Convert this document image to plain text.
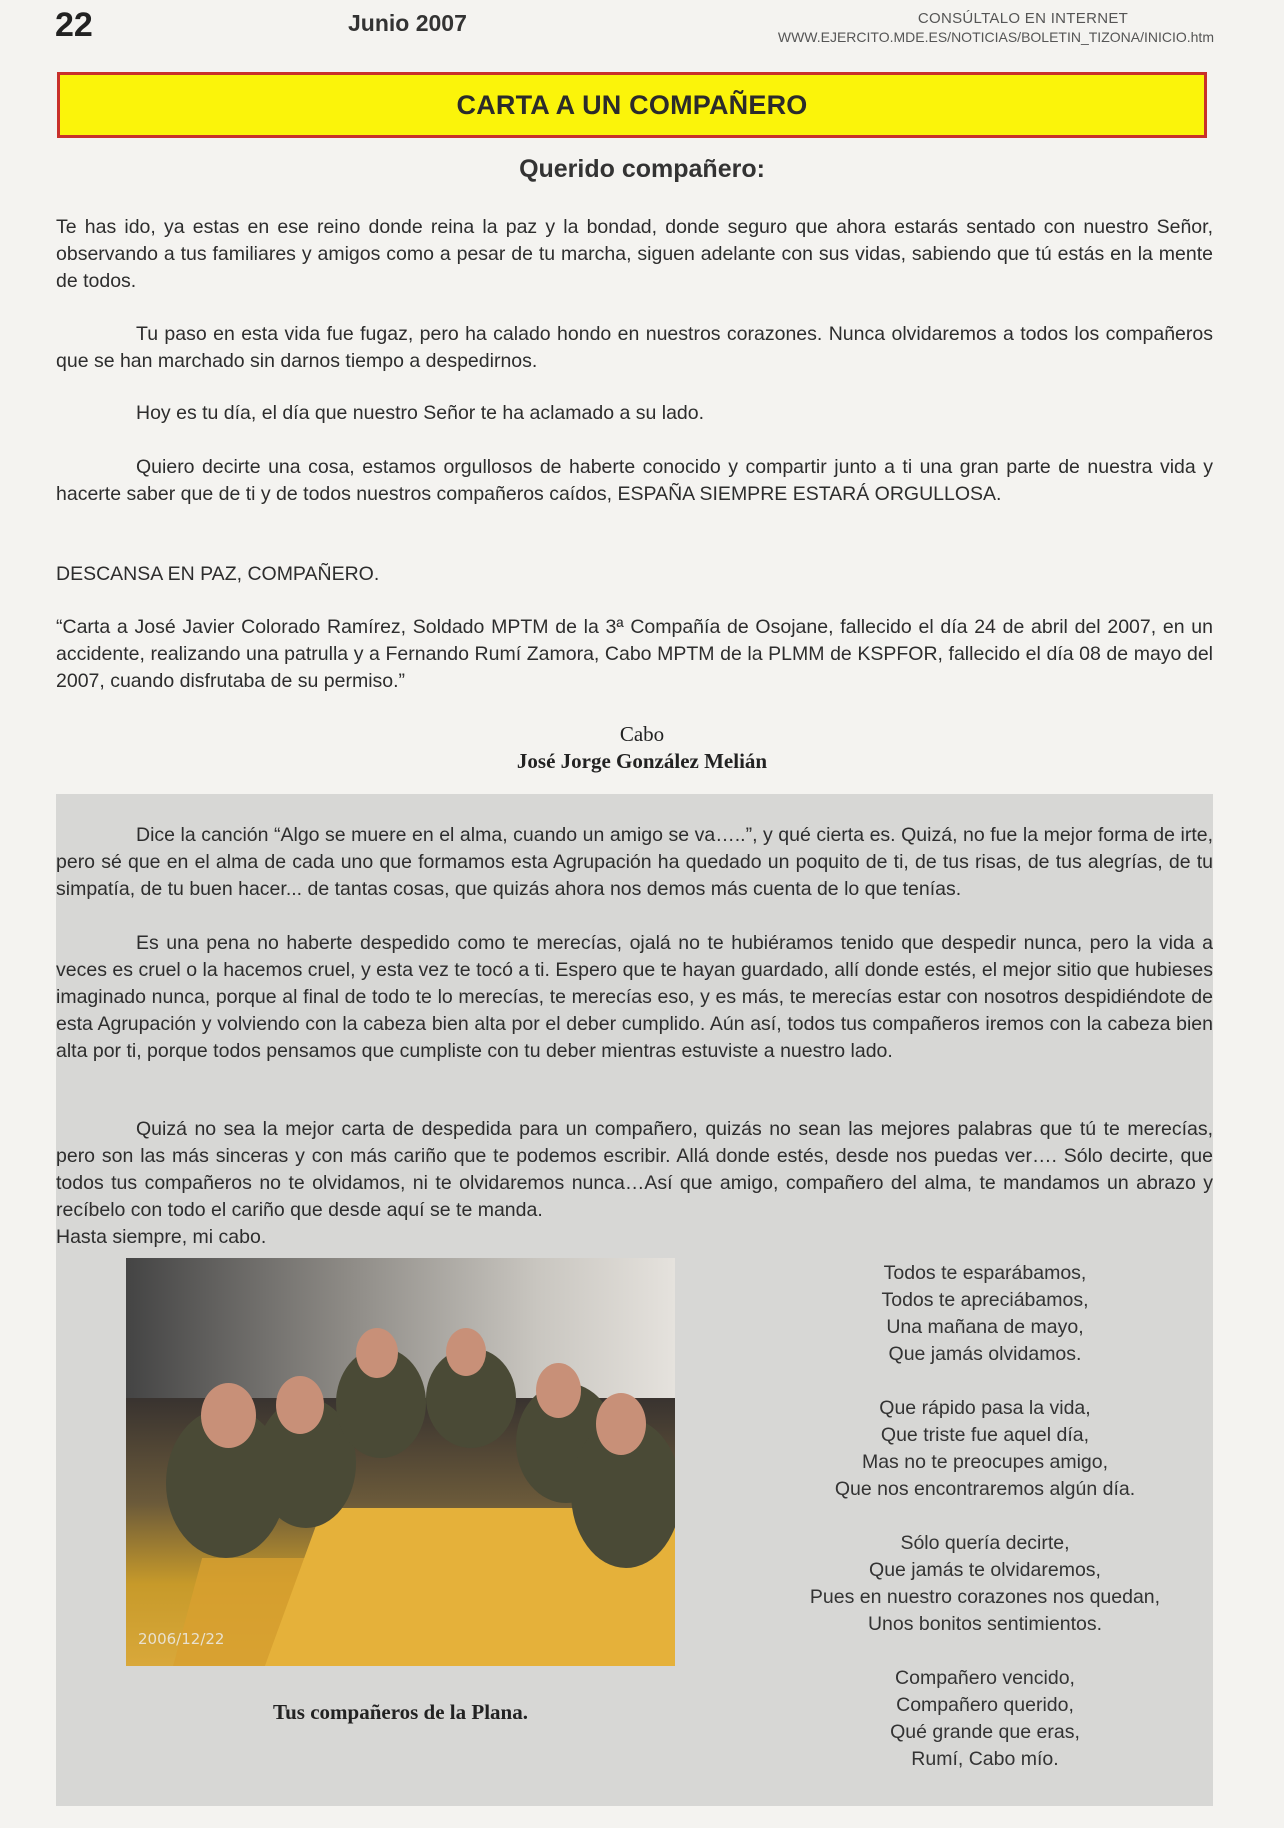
22	Junio 2007	CONSÚLTALO EN INTERNET
WWW.EJERCITO.MDE.ES/NOTICIAS/BOLETIN_TIZONA/INICIO.htm
CARTA A UN COMPAÑERO
Querido compañero:
Te has ido, ya estas en ese reino donde reina la paz y la bondad, donde seguro que ahora estarás sentado con nuestro Señor, observando a tus familiares y amigos como a pesar de tu marcha, siguen adelante con sus vidas, sabiendo que tú estás en la mente de todos.
Tu paso en esta vida fue fugaz, pero ha calado hondo en nuestros corazones. Nunca olvidaremos a todos los compañeros que se han marchado sin darnos tiempo a despedirnos.
Hoy es tu día, el día que nuestro Señor te ha aclamado a su lado.
Quiero decirte una cosa, estamos orgullosos de haberte conocido y compartir junto a ti una gran parte de nuestra vida y hacerte saber que de ti y de todos nuestros compañeros caídos, ESPAÑA SIEMPRE ESTARÁ ORGULLOSA.
DESCANSA EN PAZ, COMPAÑERO.
“Carta a José Javier Colorado Ramírez, Soldado MPTM de la 3ª Compañía de Osojane, fallecido el día 24 de abril del 2007, en un accidente, realizando una patrulla y a Fernando Rumí Zamora, Cabo MPTM de la PLMM de KSPFOR, fallecido el día 08 de mayo del 2007, cuando disfrutaba de su permiso.”
Cabo
José Jorge González Melián
Dice la canción “Algo se muere en el alma, cuando un amigo se va…..”, y qué cierta es. Quizá, no fue la mejor forma de irte, pero sé que en el alma de cada uno que formamos esta Agrupación ha quedado un poquito de ti, de tus risas, de tus alegrías, de tu simpatía, de tu buen hacer... de tantas cosas, que quizás ahora nos demos más cuenta de lo que tenías.
Es una pena no haberte despedido como te merecías, ojalá no te hubiéramos tenido que despedir nunca, pero la vida a veces es cruel o la hacemos cruel, y esta vez te tocó a ti. Espero que te hayan guardado, allí donde estés, el mejor sitio que hubieses imaginado nunca, porque al final de todo te lo merecías, te merecías eso, y es más, te merecías estar con nosotros despidiéndote de esta Agrupación y volviendo con la cabeza bien alta por el deber cumplido. Aún así, todos tus compañeros iremos con la cabeza bien alta por ti, porque todos pensamos que cumpliste con tu deber mientras estuviste a nuestro lado.
Quizá no sea la mejor carta de despedida para un compañero, quizás no sean las mejores palabras que tú te merecías, pero son las más sinceras y con más cariño que te podemos escribir. Allá donde estés, desde nos puedas ver…. Sólo decirte, que todos tus compañeros no te olvidamos, ni te olvidaremos nunca…Así que amigo, compañero del alma, te mandamos un abrazo y recíbelo con todo el cariño que desde aquí se te manda.
Hasta siempre, mi cabo.
2006/12/22
Tus compañeros de la Plana.
Todos te esparábamos,
Todos te apreciábamos,
Una mañana de mayo,
Que jamás olvidamos.
Que rápido pasa la vida,
Que triste fue aquel día,
Mas no te preocupes amigo,
Que nos encontraremos algún día.
Sólo quería decirte,
Que jamás te olvidaremos,
Pues en nuestro corazones nos quedan,
Unos bonitos sentimientos.
Compañero vencido,
Compañero querido,
Qué grande que eras,
Rumí, Cabo mío.
